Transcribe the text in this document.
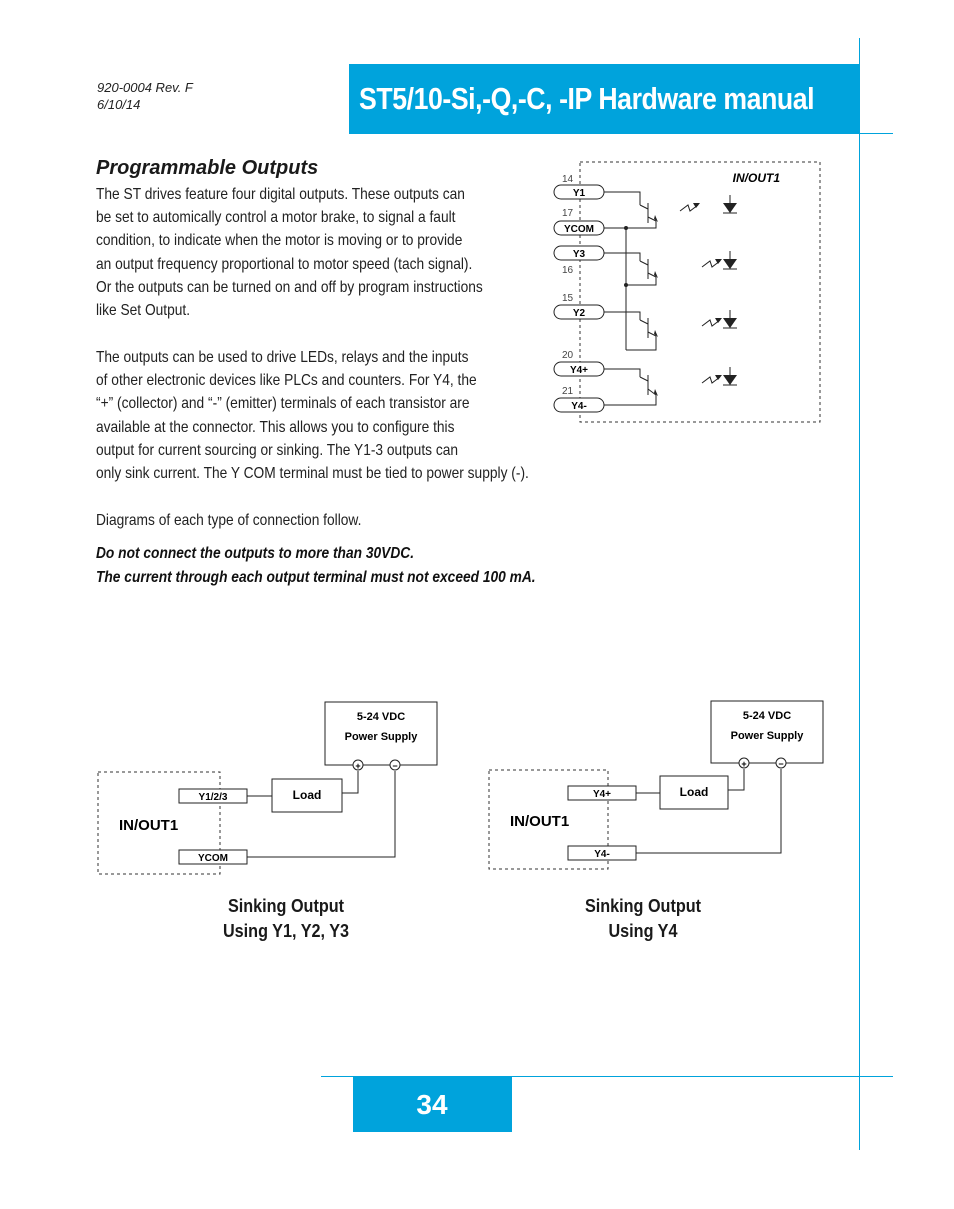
920-0004 Rev. F
6/10/14	ST5/10-Si,-Q,-C, -IP Hardware manual
Programmable Outputs
The ST drives feature four digital outputs. These outputs can
be set to automically control a motor brake, to signal a fault
condition, to indicate when the motor is moving or to provide
an output frequency proportional to motor speed (tach signal).
Or the outputs can be turned on and off by program instructions
like Set Output.
The outputs can be used to drive LEDs, relays and the inputs
of other electronic devices like PLCs and counters. For Y4, the
“+” (collector) and “-” (emitter) terminals of each transistor are
available at the connector. This allows you to configure this
output for current sourcing or sinking. The Y1-3 outputs can
only sink current. The Y COM terminal must be tied to power supply (-).
Diagrams of each type of connection follow.
Do not connect the outputs to more than 30VDC.
The current through each output terminal must not exceed 100 mA.
IN/OUT1
14
17
16
15
20
21
Y1
YCOM
Y3
Y2
Y4+
Y4-
IN/OUT1
5-24 VDC
Power Supply
Load
Y1/2/3
YCOM
+	−
Sinking Output
Using Y1, Y2, Y3
IN/OUT1
5-24 VDC
Power Supply
Load
Y4+
Y4-
+	−
Sinking Output
Using Y4
34
